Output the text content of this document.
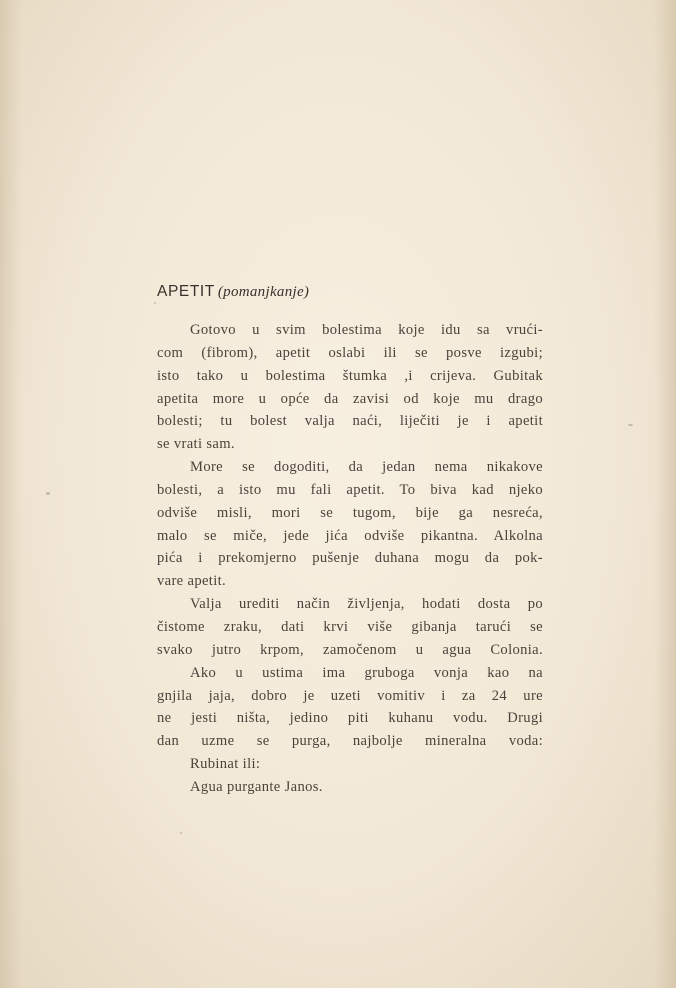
APETIT (pomanjkanje)
Gotovo u svim bolestima koje idu sa vrući-
com (fibrom), apetit oslabi ili se posve izgubi;
isto tako u bolestima štumka ,i crijeva. Gubitak
apetita more u opće da zavisi od koje mu drago
bolesti; tu bolest valja naći, liječiti je i apetit
se vrati sam.
More se dogoditi, da jedan nema nikakove
bolesti, a isto mu fali apetit. To biva kad njeko
odviše misli, mori se tugom, bije ga nesreća,
malo se miče, jede jića odviše pikantna. Alkolna
pića i prekomjerno pušenje duhana mogu da pok-
vare apetit.
Valja urediti način življenja, hodati dosta po
čistome zraku, dati krvi više gibanja tarući se
svako jutro krpom, zamočenom u agua Colonia.
Ako u ustima ima gruboga vonja kao na
gnjila jaja, dobro je uzeti vomitiv i za 24 ure
ne jesti ništa, jedino piti kuhanu vodu. Drugi
dan uzme se purga, najbolje mineralna voda:
Rubinat ili:
Agua purgante Janos.
